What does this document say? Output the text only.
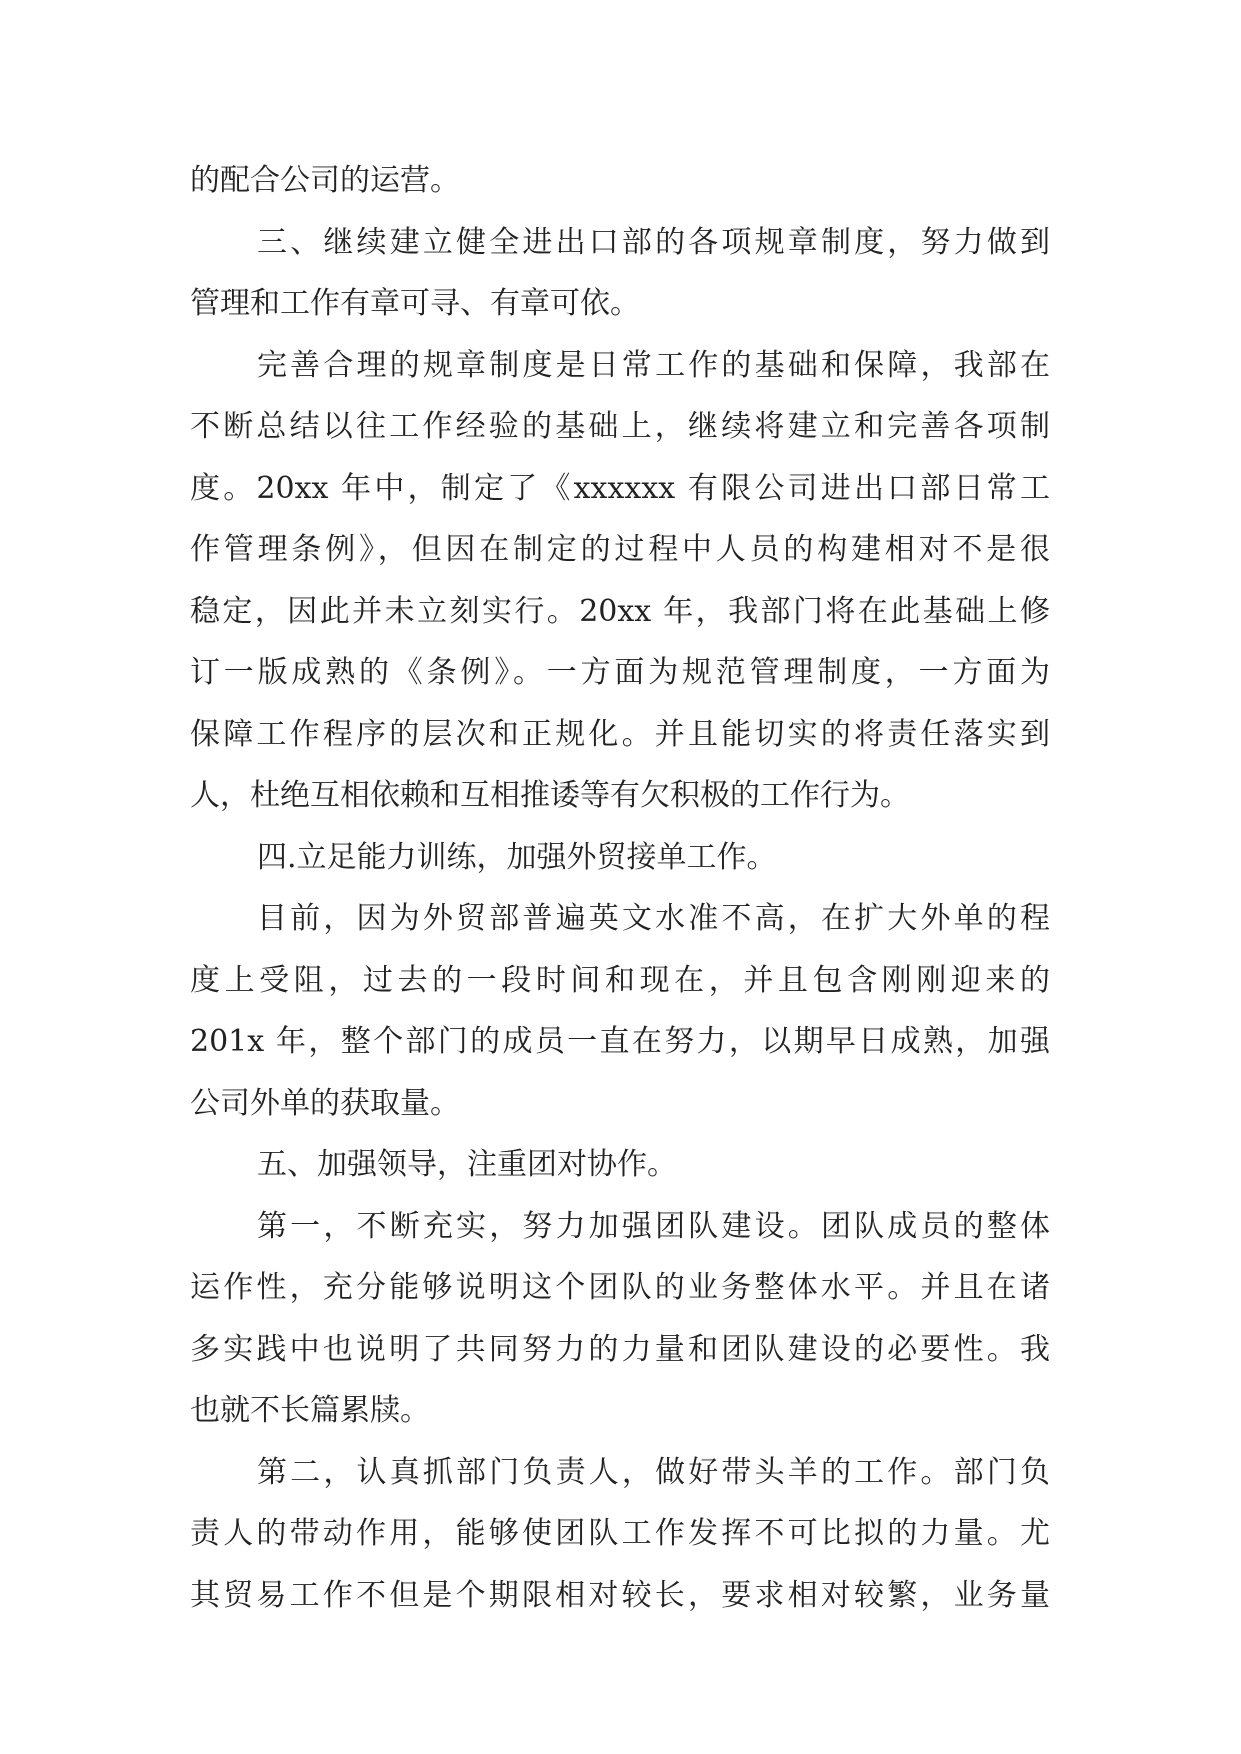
的配合公司的运营。
三、继续建立健全进出口部的各项规章制度，努力做到
管理和工作有章可寻、有章可依。
完善合理的规章制度是日常工作的基础和保障，我部在
不断总结以往工作经验的基础上，继续将建立和完善各项制
度。20xx 年中，制定了《xxxxxx 有限公司进出口部日常工
作管理条例》，但因在制定的过程中人员的构建相对不是很
稳定，因此并未立刻实行。20xx 年，我部门将在此基础上修
订一版成熟的《条例》。一方面为规范管理制度，一方面为
保障工作程序的层次和正规化。并且能切实的将责任落实到
人，杜绝互相依赖和互相推诿等有欠积极的工作行为。
四.立足能力训练，加强外贸接单工作。
目前，因为外贸部普遍英文水准不高，在扩大外单的程
度上受阻，过去的一段时间和现在，并且包含刚刚迎来的
201x 年，整个部门的成员一直在努力，以期早日成熟，加强
公司外单的获取量。
五、加强领导，注重团对协作。
第一，不断充实，努力加强团队建设。团队成员的整体
运作性，充分能够说明这个团队的业务整体水平。并且在诸
多实践中也说明了共同努力的力量和团队建设的必要性。我
也就不长篇累牍。
第二，认真抓部门负责人，做好带头羊的工作。部门负
责人的带动作用，能够使团队工作发挥不可比拟的力量。尤
其贸易工作不但是个期限相对较长，要求相对较繁，业务量
